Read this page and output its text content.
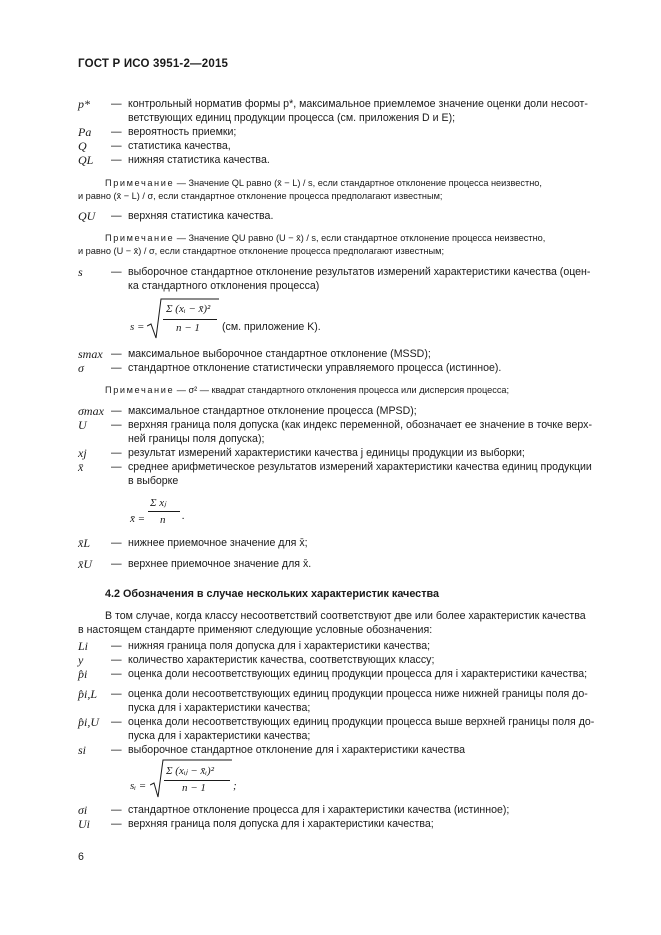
ГОСТ Р ИСО 3951-2—2015
p*	— контрольный норматив формы p*, максимальное приемлемое значение оценки доли несоот-
ветствующих единиц продукции процесса (см. приложения D и E);
Pa	— вероятность приемки;
Q	— статистика качества,
QL	— нижняя статистика качества.
Примечание — Значение QL равно (x̄ − L) / s, если стандартное отклонение процесса неизвестно,
и равно (x̄ − L) / σ, если стандартное отклонение процесса предполагают известным;
QU	— верхняя статистика качества.
Примечание — Значение QU равно (U − x̄) / s, если стандартное отклонение процесса неизвестно,
и равно (U − x̄) / σ, если стандартное отклонение процесса предполагают известным;
s	— выборочное стандартное отклонение результатов измерений характеристики качества (оцен-
ка стандартного отклонения процесса)
s =
Σ (xᵢ − x̄)²
n − 1 (см. приложение K).
smax — максимальное выборочное стандартное отклонение (MSSD);
σ	— стандартное отклонение статистически управляемого процесса (истинное).
Примечание — σ² — квадрат стандартного отклонения процесса или дисперсия процесса;
σmax — максимальное стандартное отклонение процесса (MPSD);
U	— верхняя граница поля допуска (как индекс переменной, обозначает ее значение в точке верх-
ней границы поля допуска);
xj	— результат измерений характеристики качества j единицы продукции из выборки;
x̄	— среднее арифметическое результатов измерений характеристики качества единиц продукции
в выборке
x̄ =
Σ xⱼ
n .
x̄L	— нижнее приемочное значение для x̄;
x̄U	— верхнее приемочное значение для x̄.
4.2 Обозначения в случае нескольких характеристик качества
В том случае, когда классу несоответствий соответствуют две или более характеристик качества
в настоящем стандарте применяют следующие условные обозначения:
Li	— нижняя граница поля допуска для i характеристики качества;
y	— количество характеристик качества, соответствующих классу;
p̂i	— оценка доли несоответствующих единиц продукции процесса для i характеристики качества;
p̂i,L	— оценка доли несоответствующих единиц продукции процесса ниже нижней границы поля до-
пуска для i характеристики качества;
p̂i,U	— оценка доли несоответствующих единиц продукции процесса выше верхней границы поля до-
пуска для i характеристики качества;
si	— выборочное стандартное отклонение для i характеристики качества
sᵢ =
Σ (xᵢⱼ − x̄ᵢ)²
n − 1 ;
σi	— стандартное отклонение процесса для i характеристики качества (истинное);
Ui	— верхняя граница поля допуска для i характеристики качества;
6
